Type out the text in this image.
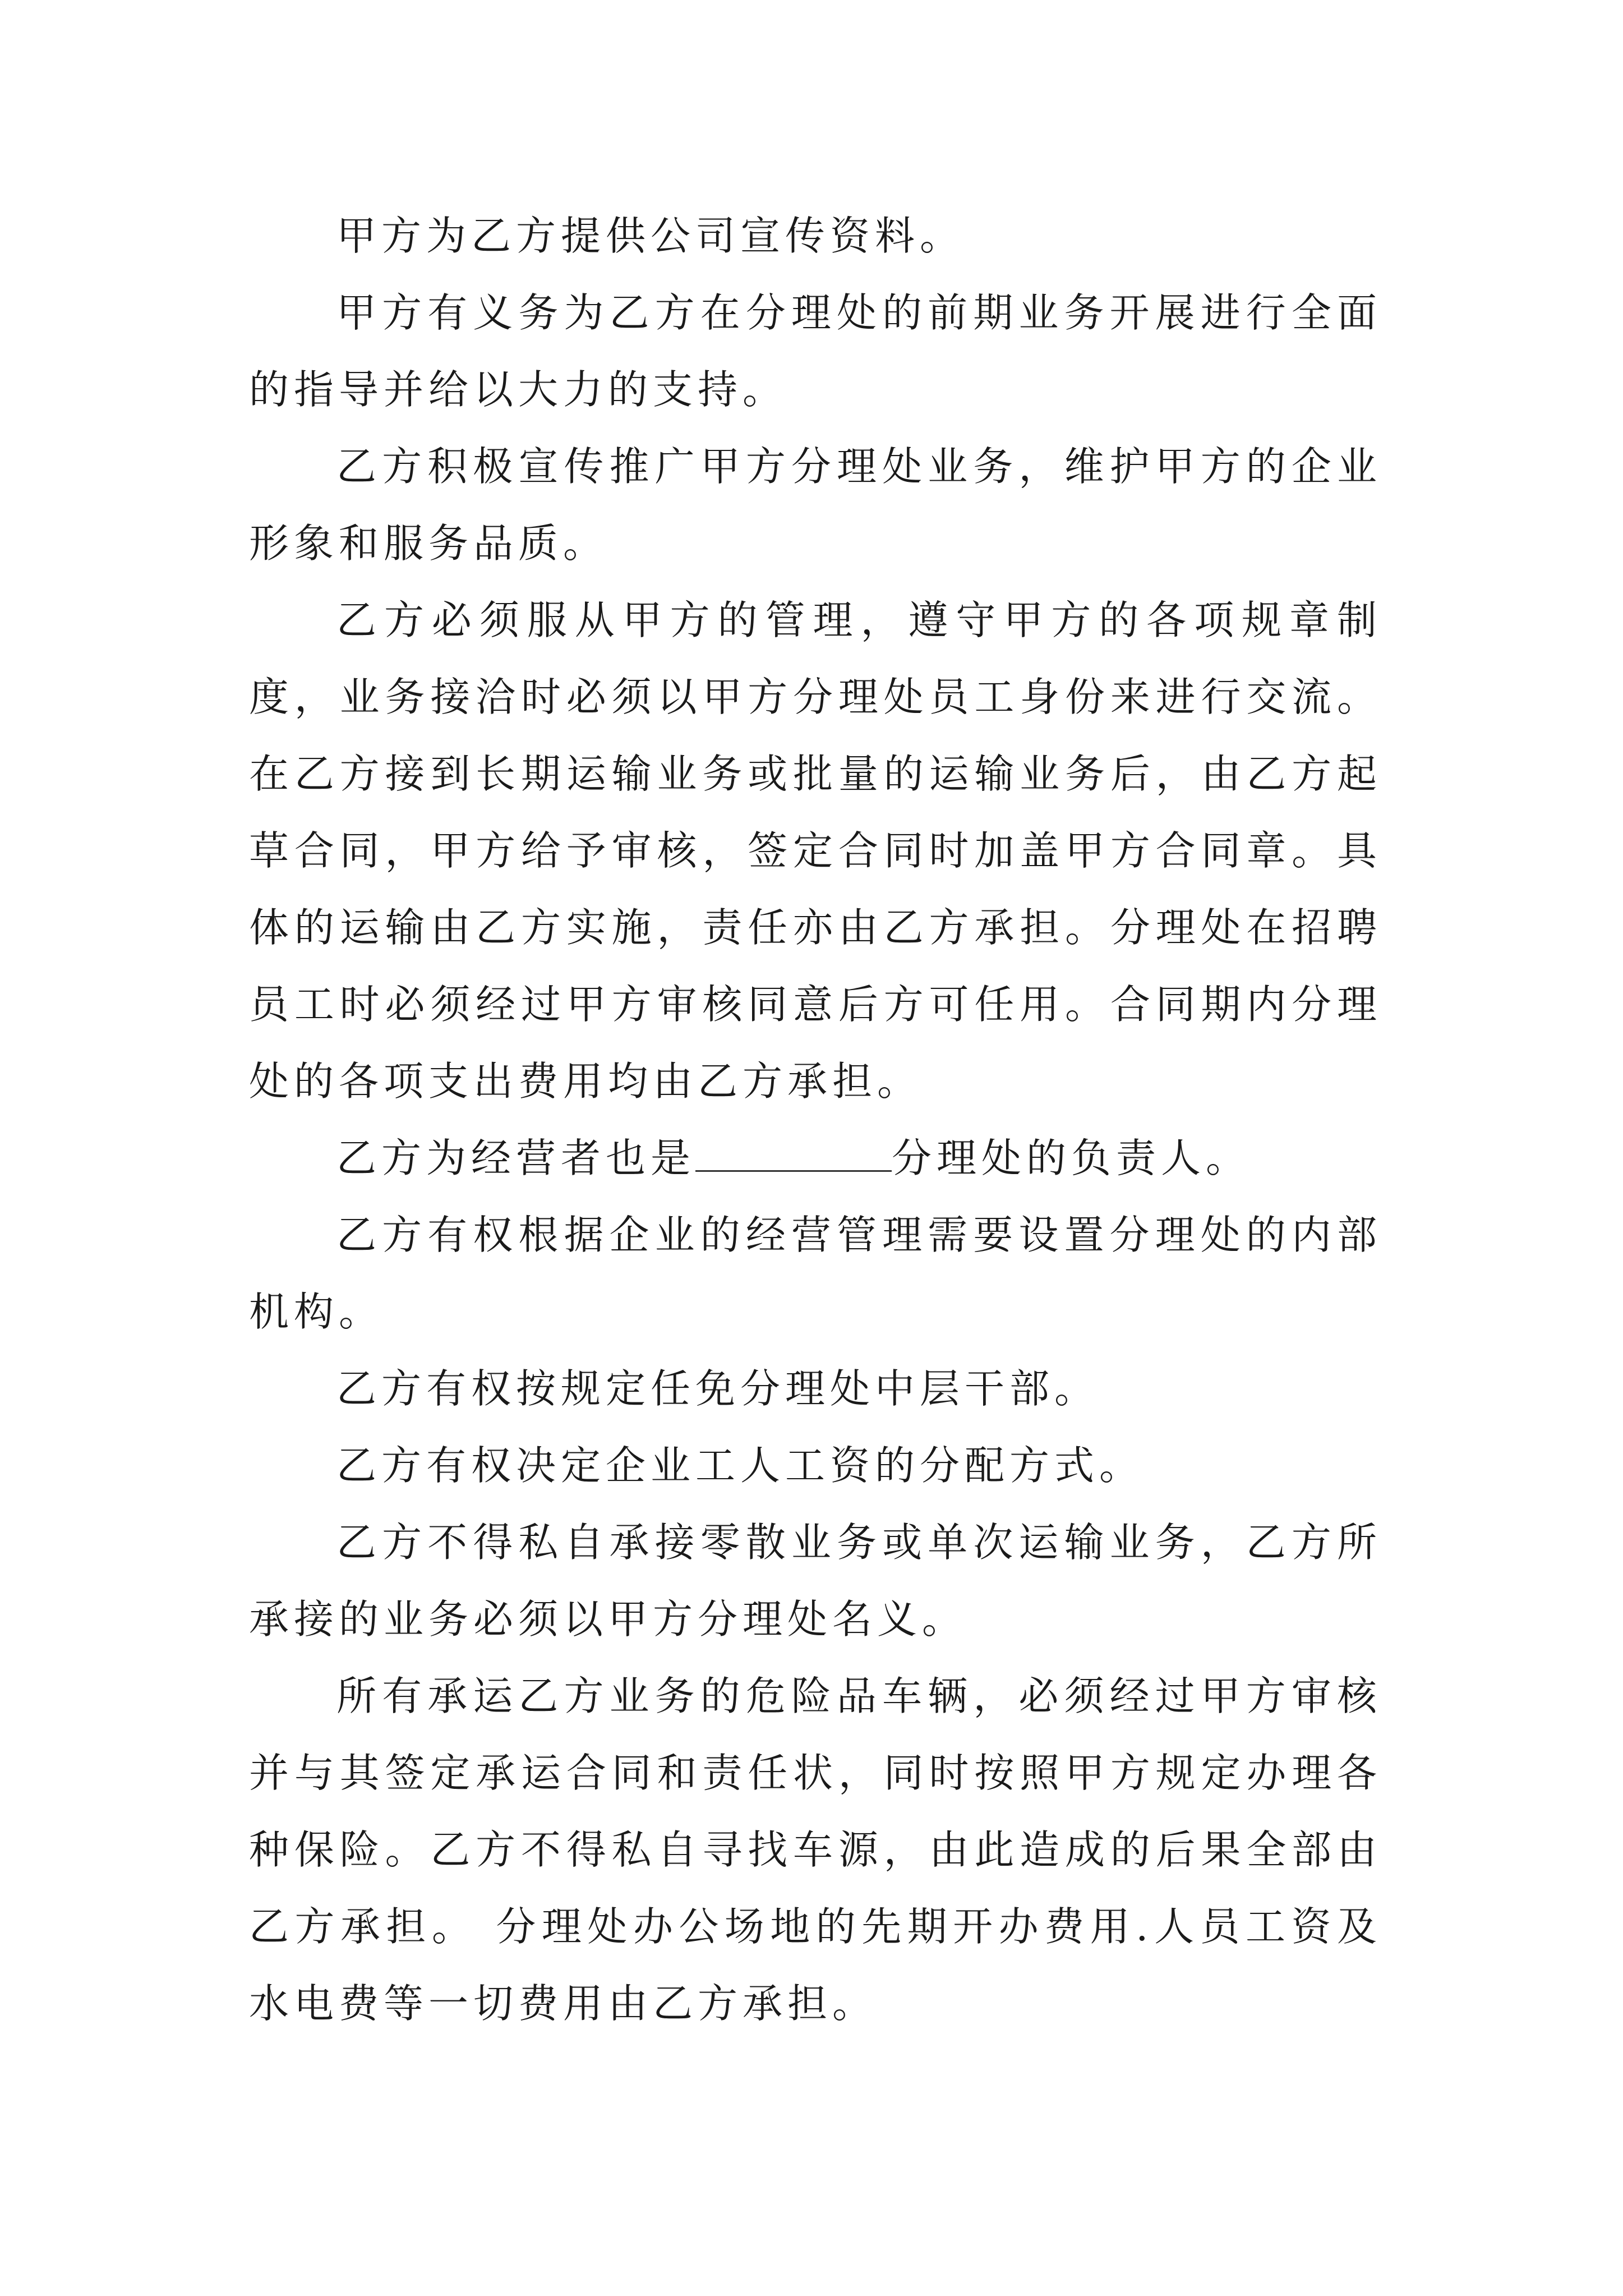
甲方为乙方提供公司宣传资料。

甲方有义务为乙方在分理处的前期业务开展进行全面的指导并给以大力的支持。

乙方积极宣传推广甲方分理处业务，维护甲方的企业形象和服务品质。

乙方必须服从甲方的管理，遵守甲方的各项规章制度，业务接洽时必须以甲方分理处员工身份来进行交流。在乙方接到长期运输业务或批量的运输业务后，由乙方起草合同，甲方给予审核，签定合同时加盖甲方合同章。具体的运输由乙方实施，责任亦由乙方承担。分理处在招聘员工时必须经过甲方审核同意后方可任用。合同期内分理处的各项支出费用均由乙方承担。

乙方为经营者也是	分理处的负责人。

乙方有权根据企业的经营管理需要设置分理处的内部机构。

乙方有权按规定任免分理处中层干部。

乙方有权决定企业工人工资的分配方式。

乙方不得私自承接零散业务或单次运输业务，乙方所承接的业务必须以甲方分理处名义。

所有承运乙方业务的危险品车辆，必须经过甲方审核并与其签定承运合同和责任状，同时按照甲方规定办理各种保险。乙方不得私自寻找车源，由此造成的后果全部由乙方承担。 分理处办公场地的先期开办费用.人员工资及水电费等一切费用由乙方承担。
